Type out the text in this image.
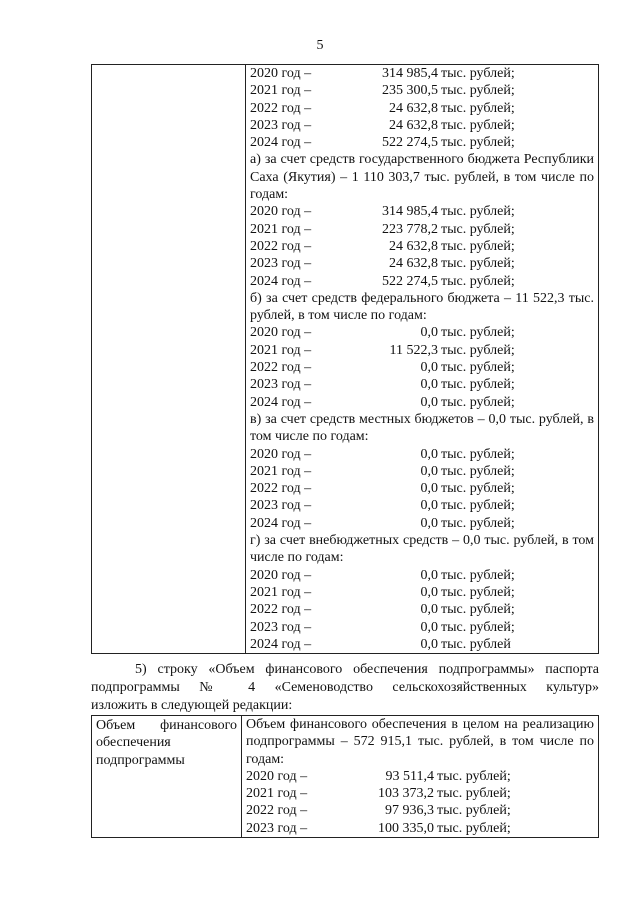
5

2020 год –	314 985,4 тыс. рублей;
2021 год –	235 300,5 тыс. рублей;
2022 год –	24 632,8 тыс. рублей;
2023 год –	24 632,8 тыс. рублей;
2024 год –	522 274,5 тыс. рублей;
а) за счет средств государственного бюджета Республики Саха (Якутия) – 1 110 303,7 тыс. рублей, в том числе по годам:
2020 год –	314 985,4 тыс. рублей;
2021 год –	223 778,2 тыс. рублей;
2022 год –	24 632,8 тыс. рублей;
2023 год –	24 632,8 тыс. рублей;
2024 год –	522 274,5 тыс. рублей;
б) за счет средств федерального бюджета – 11 522,3 тыс. рублей, в том числе по годам:
2020 год –	0,0 тыс. рублей;
2021 год –	11 522,3 тыс. рублей;
2022 год –	0,0 тыс. рублей;
2023 год –	0,0 тыс. рублей;
2024 год –	0,0 тыс. рублей;
в) за счет средств местных бюджетов – 0,0 тыс. рублей, в том числе по годам:
2020 год –	0,0 тыс. рублей;
2021 год –	0,0 тыс. рублей;
2022 год –	0,0 тыс. рублей;
2023 год –	0,0 тыс. рублей;
2024 год –	0,0 тыс. рублей;
г) за счет внебюджетных средств – 0,0 тыс. рублей, в том числе по годам:
2020 год –	0,0 тыс. рублей;
2021 год –	0,0 тыс. рублей;
2022 год –	0,0 тыс. рублей;
2023 год –	0,0 тыс. рублей;
2024 год –	0,0 тыс. рублей
5) строку «Объем финансового обеспечения подпрограммы» паспорта
подпрограммы № 4 «Семеноводство сельскохозяйственных культур»
изложить в следующей редакции:
Объем финансового обеспечения подпрограммы

Объем финансового обеспечения в целом на реализацию подпрограммы – 572 915,1 тыс. рублей, в том числе по годам:
2020 год –	93 511,4 тыс. рублей;
2021 год –	103 373,2 тыс. рублей;
2022 год –	97 936,3 тыс. рублей;
2023 год –	100 335,0 тыс. рублей;
